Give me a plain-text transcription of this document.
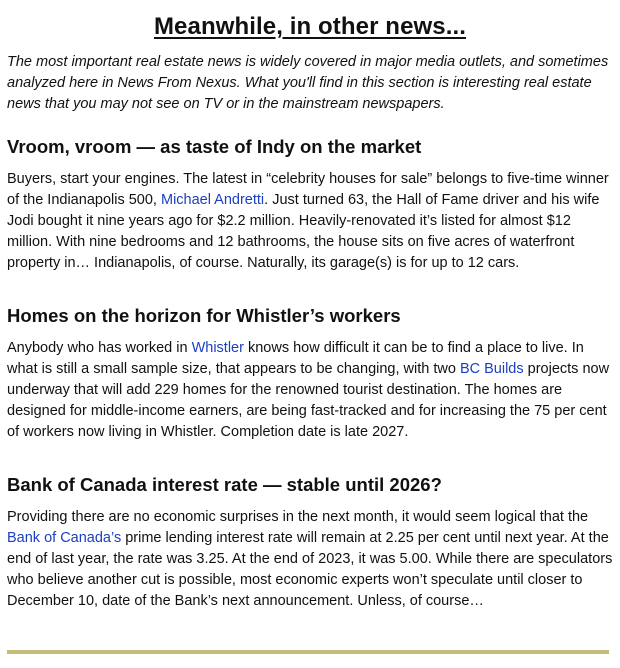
Meanwhile, in other news...

The most important real estate news is widely covered in major media outlets, and sometimes analyzed here in News From Nexus. What you'll find in this section is interesting real estate news that you may not see on TV or in the mainstream newspapers.

Vroom, vroom — as taste of Indy on the market

Buyers, start your engines. The latest in “celebrity houses for sale” belongs to five-time winner of the Indianapolis 500, Michael Andretti. Just turned 63, the Hall of Fame driver and his wife Jodi bought it nine years ago for $2.2 million. Heavily-renovated it’s listed for almost $12 million. With nine bedrooms and 12 bathrooms, the house sits on five acres of waterfront property in… Indianapolis, of course. Naturally, its garage(s) is for up to 12 cars.

Homes on the horizon for Whistler’s workers

Anybody who has worked in Whistler knows how difficult it can be to find a place to live. In what is still a small sample size, that appears to be changing, with two BC Builds projects now underway that will add 229 homes for the renowned tourist destination. The homes are designed for middle-income earners, are being fast-tracked and for increasing the 75 per cent of workers now living in Whistler. Completion date is late 2027.

Bank of Canada interest rate — stable until 2026?

Providing there are no economic surprises in the next month, it would seem logical that the Bank of Canada’s prime lending interest rate will remain at 2.25 per cent until next year. At the end of last year, the rate was 3.25. At the end of 2023, it was 5.00. While there are speculators who believe another cut is possible, most economic experts won’t speculate until closer to December 10, date of the Bank’s next announcement. Unless, of course…
